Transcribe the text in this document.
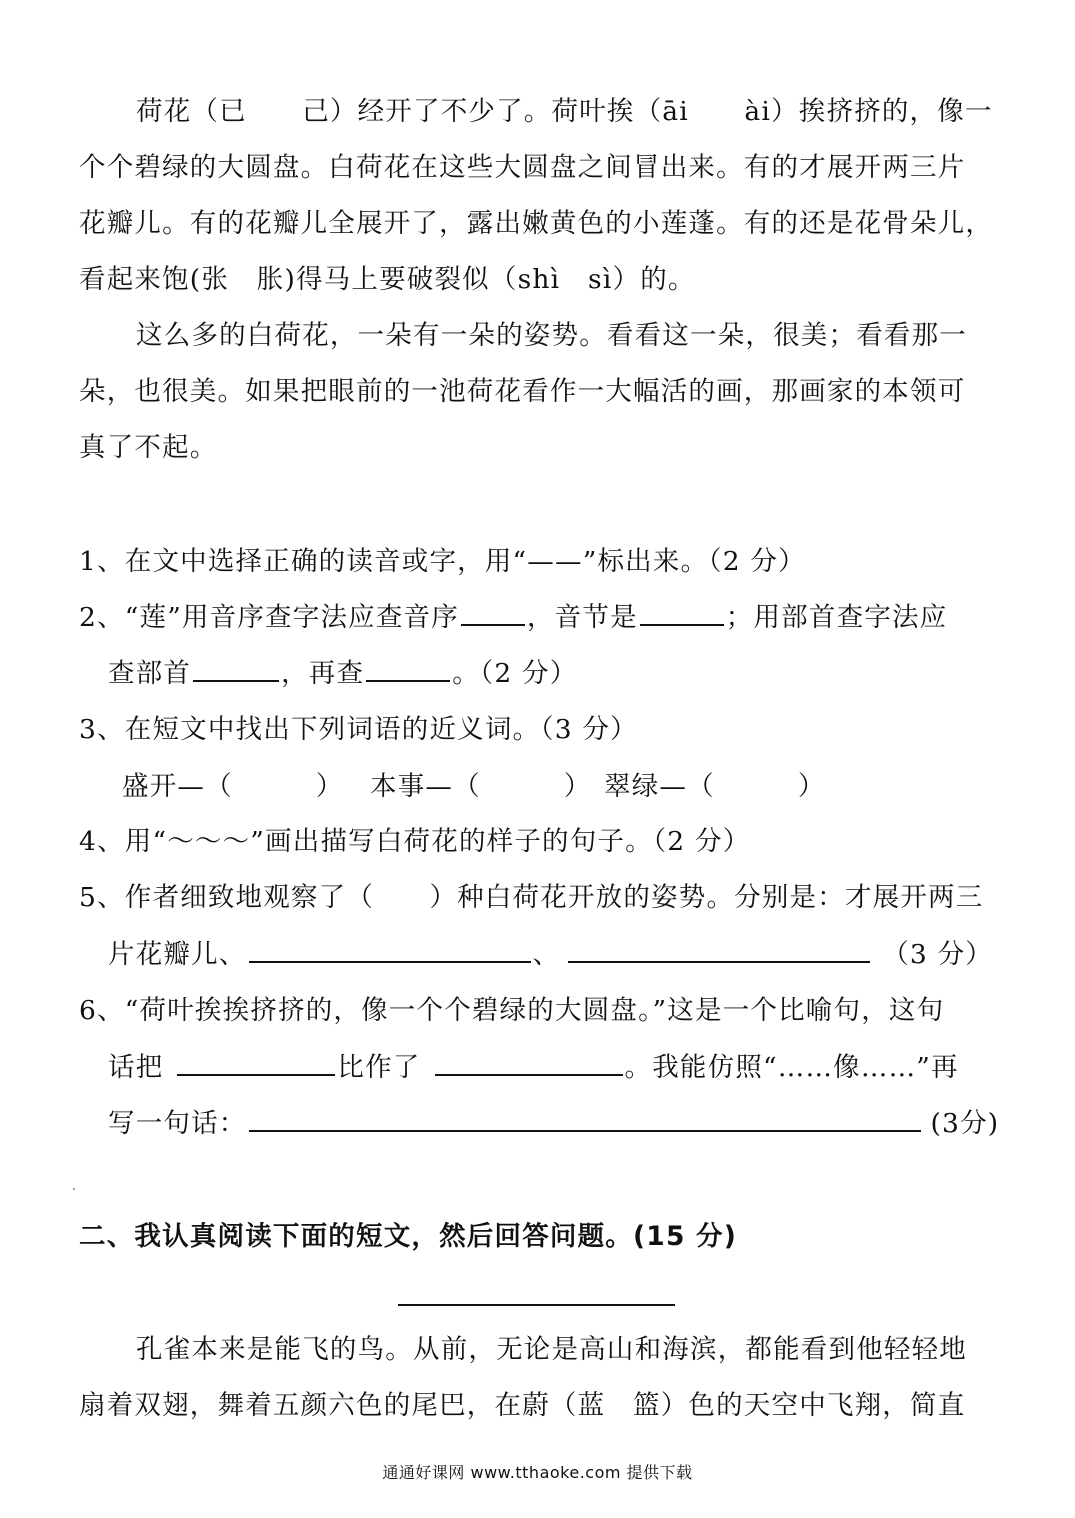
荷花（已　　己）经开了不少了。荷叶挨（āi　　ài）挨挤挤的，像一
个个碧绿的大圆盘。白荷花在这些大圆盘之间冒出来。有的才展开两三片
花瓣儿。有的花瓣儿全展开了，露出嫩黄色的小莲蓬。有的还是花骨朵儿，
看起来饱(张　胀)得马上要破裂似（shì　sì）的。
这么多的白荷花，一朵有一朵的姿势。看看这一朵，很美；看看那一
朵，也很美。如果把眼前的一池荷花看作一大幅活的画，那画家的本领可
真了不起。
1、在文中选择正确的读音或字，用“——”标出来。（2 分）
2、“莲”用音序查字法应查音序	，音节是	；用部首查字法应
查部首	，再查	。（2 分）
3、在短文中找出下列词语的近义词。（3 分）
盛开—（　　　） 本事—（　　　） 翠绿—（　　　）
4、用“～～～”画出描写白荷花的样子的句子。（2 分）
5、作者细致地观察了（　　）种白荷花开放的姿势。分别是：才展开两三
片花瓣儿、	、	（3 分）
6、“荷叶挨挨挤挤的，像一个个碧绿的大圆盘。”这是一个比喻句，这句
话把	比作了	。我能仿照“……像……”再
写一句话：	(3分)
二、我认真阅读下面的短文，然后回答问题。(15 分)
孔雀本来是能飞的鸟。从前，无论是高山和海滨，都能看到他轻轻地
扇着双翅，舞着五颜六色的尾巴，在蔚（蓝　篮）色的天空中飞翔，简直
通通好课网 www.tthaoke.com 提供下载
